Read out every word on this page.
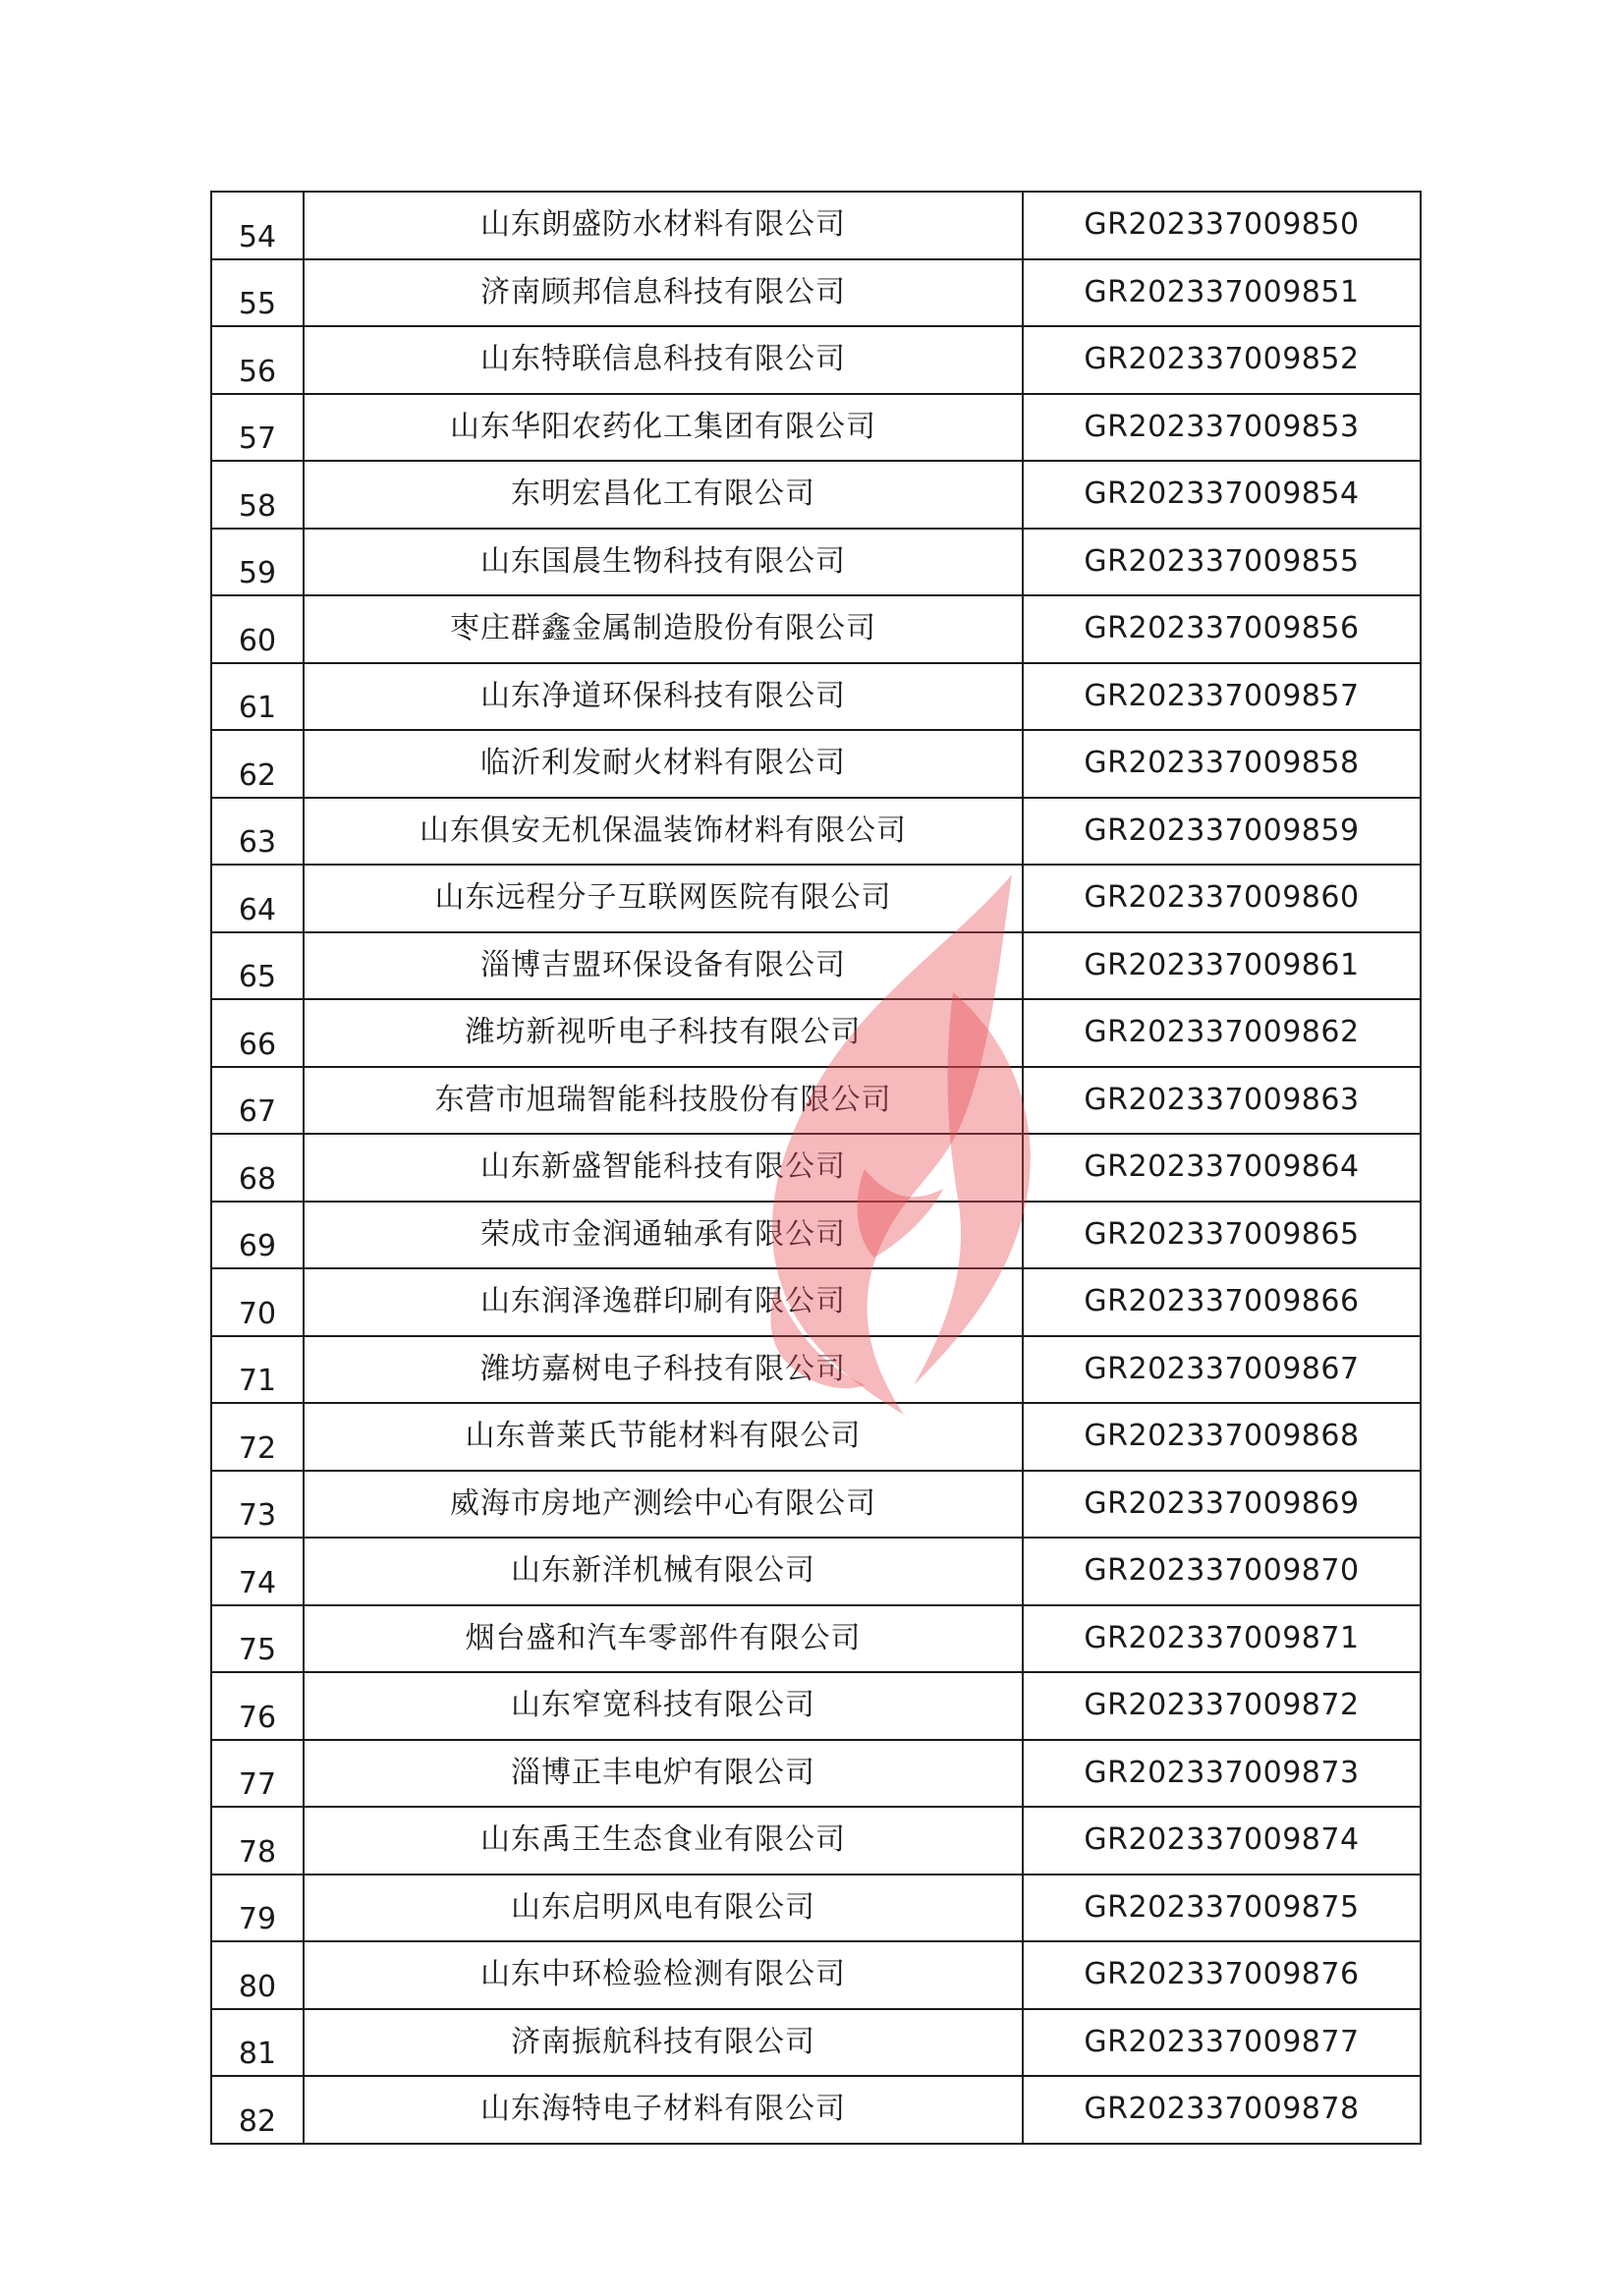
54	山东朗盛防水材料有限公司	GR202337009850
55	济南顾邦信息科技有限公司	GR202337009851
56	山东特联信息科技有限公司	GR202337009852
57	山东华阳农药化工集团有限公司	GR202337009853
58	东明宏昌化工有限公司	GR202337009854
59	山东国晨生物科技有限公司	GR202337009855
60	枣庄群鑫金属制造股份有限公司	GR202337009856
61	山东净道环保科技有限公司	GR202337009857
62	临沂利发耐火材料有限公司	GR202337009858
63	山东俱安无机保温装饰材料有限公司	GR202337009859
64	山东远程分子互联网医院有限公司	GR202337009860
65	淄博吉盟环保设备有限公司	GR202337009861
66	潍坊新视听电子科技有限公司	GR202337009862
67	东营市旭瑞智能科技股份有限公司	GR202337009863
68	山东新盛智能科技有限公司	GR202337009864
69	荣成市金润通轴承有限公司	GR202337009865
70	山东润泽逸群印刷有限公司	GR202337009866
71	潍坊嘉树电子科技有限公司	GR202337009867
72	山东普莱氏节能材料有限公司	GR202337009868
73	威海市房地产测绘中心有限公司	GR202337009869
74	山东新洋机械有限公司	GR202337009870
75	烟台盛和汽车零部件有限公司	GR202337009871
76	山东窄宽科技有限公司	GR202337009872
77	淄博正丰电炉有限公司	GR202337009873
78	山东禹王生态食业有限公司	GR202337009874
79	山东启明风电有限公司	GR202337009875
80	山东中环检验检测有限公司	GR202337009876
81	济南振航科技有限公司	GR202337009877
82	山东海特电子材料有限公司	GR202337009878
